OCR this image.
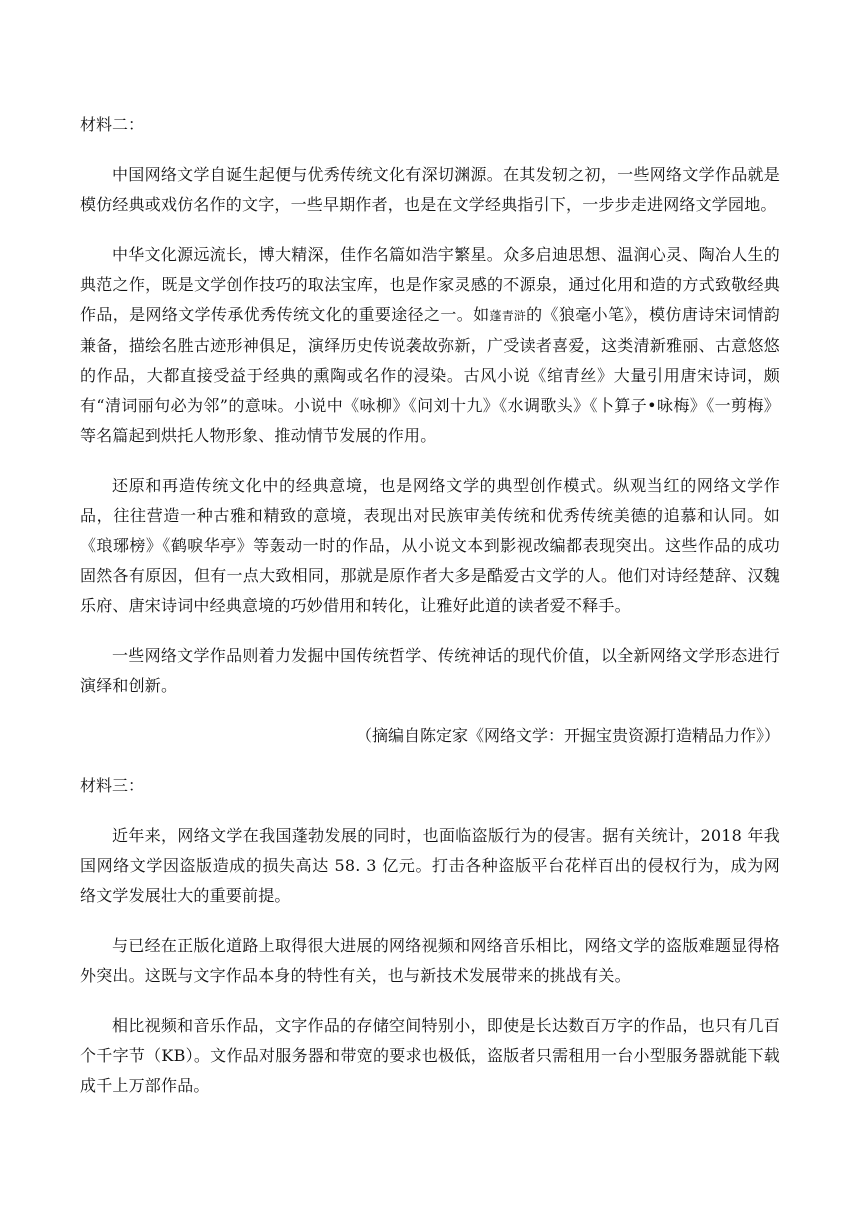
材料二：

中国网络文学自诞生起便与优秀传统文化有深切渊源。在其发轫之初，一些网络文学作品就是模仿经典或戏仿名作的文字，一些早期作者，也是在文学经典指引下，一步步走进网络文学园地。

中华文化源远流长，博大精深，佳作名篇如浩宇繁星。众多启迪思想、温润心灵、陶冶人生的典范之作，既是文学创作技巧的取法宝库，也是作家灵感的不源泉，通过化用和造的方式致敬经典作品，是网络文学传承优秀传统文化的重要途径之一。如蓬青浒的《狼毫小笔》，模仿唐诗宋词情韵兼备，描绘名胜古迹形神俱足，演绎历史传说袭故弥新，广受读者喜爱，这类清新雅丽、古意悠悠的作品，大都直接受益于经典的熏陶或名作的浸染。古风小说《绾青丝》大量引用唐宋诗词，颇有“清词丽句必为邻”的意味。小说中《咏柳》《问刘十九》《水调歌头》《卜算子•咏梅》《一剪梅》等名篇起到烘托人物形象、推动情节发展的作用。

还原和再造传统文化中的经典意境，也是网络文学的典型创作模式。纵观当红的网络文学作品，往往营造一种古雅和精致的意境，表现出对民族审美传统和优秀传统美德的追慕和认同。如《琅琊榜》《鹤唳华亭》等轰动一时的作品，从小说文本到影视改编都表现突出。这些作品的成功固然各有原因，但有一点大致相同，那就是原作者大多是酷爱古文学的人。他们对诗经楚辞、汉魏乐府、唐宋诗词中经典意境的巧妙借用和转化，让雅好此道的读者爱不释手。

一些网络文学作品则着力发掘中国传统哲学、传统神话的现代价值，以全新网络文学形态进行演绎和创新。

（摘编自陈定家《网络文学：开掘宝贵资源打造精品力作》）

材料三：

近年来，网络文学在我国蓬勃发展的同时，也面临盗版行为的侵害。据有关统计，2018 年我国网络文学因盗版造成的损失高达 58. 3 亿元。打击各种盗版平台花样百出的侵权行为，成为网络文学发展壮大的重要前提。

与已经在正版化道路上取得很大进展的网络视频和网络音乐相比，网络文学的盗版难题显得格外突出。这既与文字作品本身的特性有关，也与新技术发展带来的挑战有关。

相比视频和音乐作品，文字作品的存储空间特别小，即使是长达数百万字的作品，也只有几百个千字节（KB）。文作品对服务器和带宽的要求也极低，盗版者只需租用一台小型服务器就能下载成千上万部作品。
